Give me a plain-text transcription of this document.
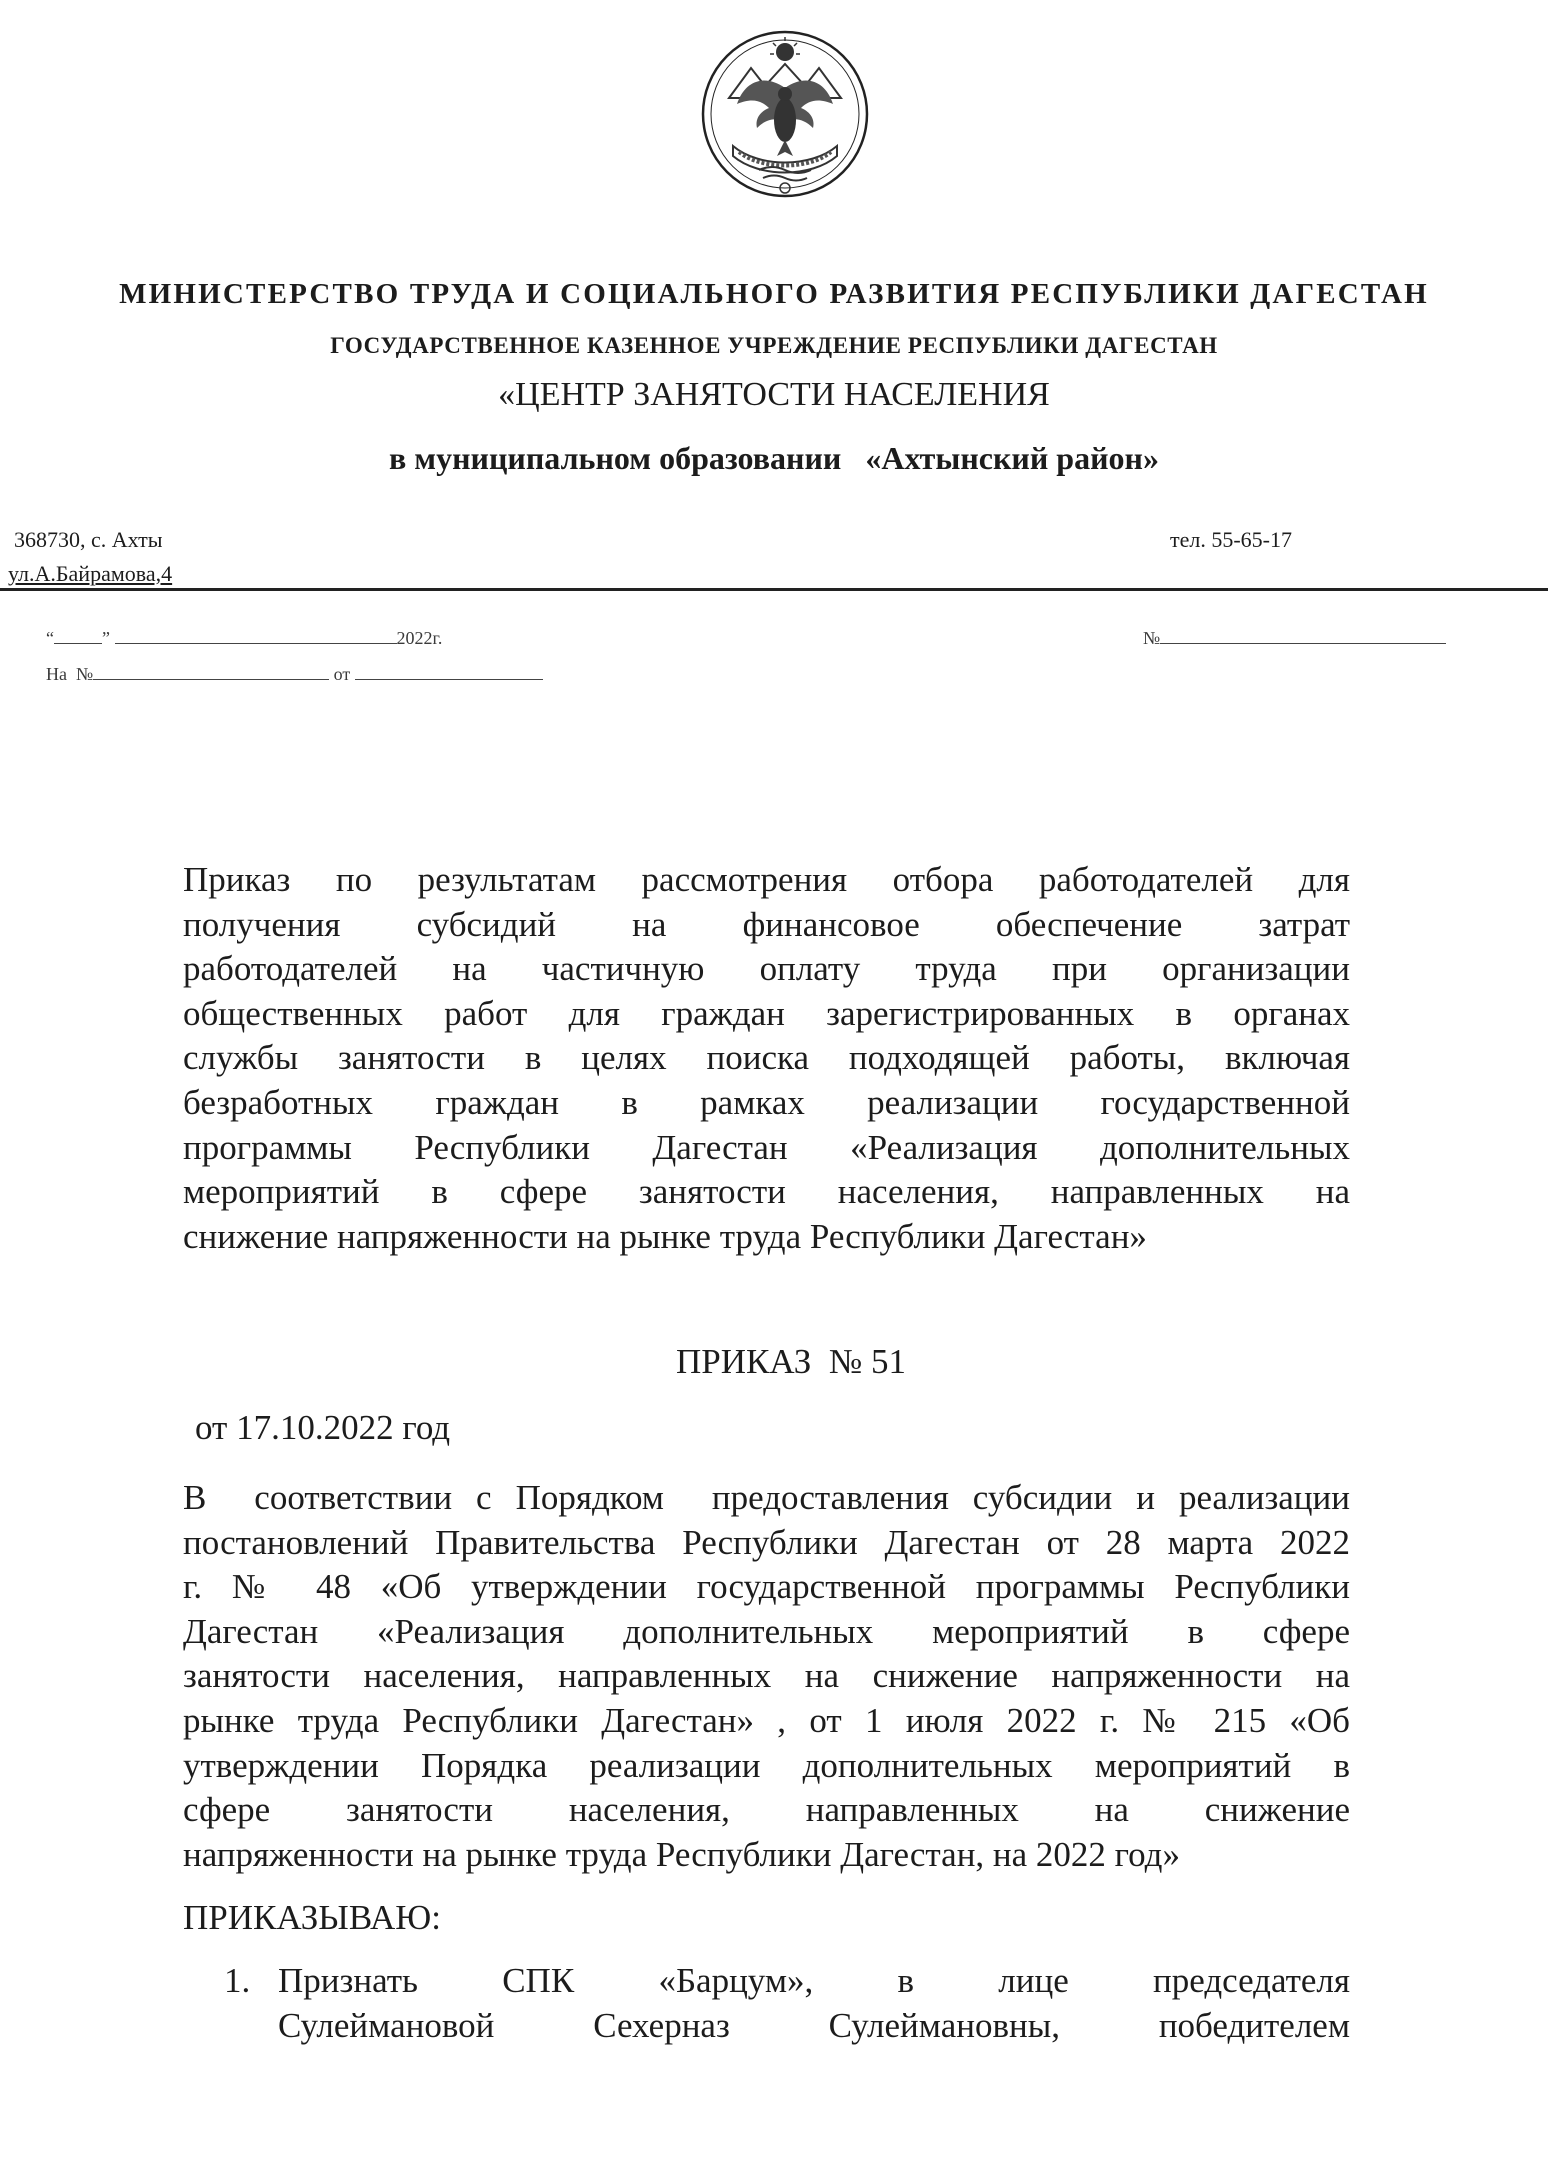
МИНИСТЕРСТВО ТРУДА И СОЦИАЛЬНОГО РАЗВИТИЯ РЕСПУБЛИКИ ДАГЕСТАН
ГОСУДАРСТВЕННОЕ КАЗЕННОЕ УЧРЕЖДЕНИЕ РЕСПУБЛИКИ ДАГЕСТАН
«ЦЕНТР ЗАНЯТОСТИ НАСЕЛЕНИЯ
в муниципальном образовании   «Ахтынский район»
368730, с. Ахты
ул.А.Байрамова,4
тел. 55-65-17
“	”	2022г.	№
На  №	от
Приказ по результатам рассмотрения отбора работодателей для
получения субсидий на финансовое обеспечение затрат
работодателей на частичную оплату труда при организации
общественных работ для граждан зарегистрированных в органах
службы занятости в целях поиска подходящей работы, включая
безработных граждан в рамках реализации государственной
программы Республики Дагестан «Реализация дополнительных
мероприятий в сфере занятости населения, направленных на
снижение напряженности на рынке труда Республики Дагестан»
ПРИКАЗ  № 51
от 17.10.2022 год
В  соответствии с Порядком  предоставления субсидии и реализации
постановлений Правительства Республики Дагестан от 28 марта 2022
г. № 48 «Об утверждении государственной программы Республики
Дагестан «Реализация дополнительных мероприятий в сфере
занятости населения, направленных на снижение напряженности на
рынке труда Республики Дагестан» , от 1 июля 2022 г. № 215 «Об
утверждении Порядка реализации дополнительных мероприятий в
сфере занятости населения, направленных на снижение
напряженности на рынке труда Республики Дагестан, на 2022 год»
ПРИКАЗЫВАЮ:
1. Признать СПК «Барцум», в лице председателя
Сулеймановой Сехерназ Сулеймановны, победителем
